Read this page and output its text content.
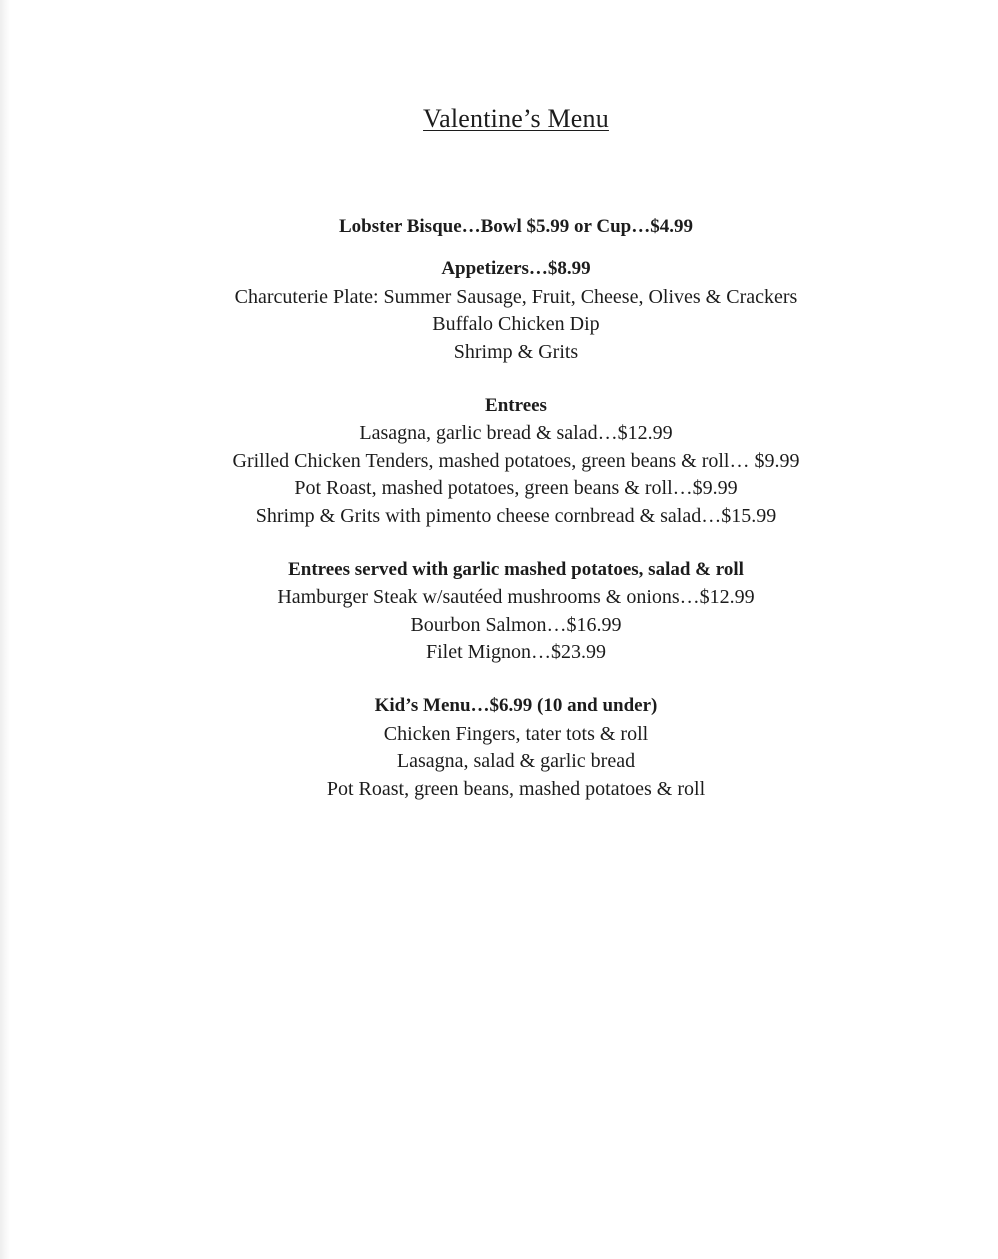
Valentine’s Menu
Lobster Bisque…Bowl $5.99 or Cup…$4.99
Appetizers…$8.99
Charcuterie Plate: Summer Sausage, Fruit, Cheese, Olives & Crackers
Buffalo Chicken Dip
Shrimp & Grits
Entrees
Lasagna, garlic bread & salad…$12.99
Grilled Chicken Tenders, mashed potatoes, green beans & roll… $9.99
Pot Roast, mashed potatoes, green beans & roll…$9.99
Shrimp & Grits with pimento cheese cornbread & salad…$15.99
Entrees served with garlic mashed potatoes, salad & roll
Hamburger Steak w/sautéed mushrooms & onions…$12.99
Bourbon Salmon…$16.99
Filet Mignon…$23.99
Kid’s Menu…$6.99 (10 and under)
Chicken Fingers, tater tots & roll
Lasagna, salad & garlic bread
Pot Roast, green beans, mashed potatoes & roll
